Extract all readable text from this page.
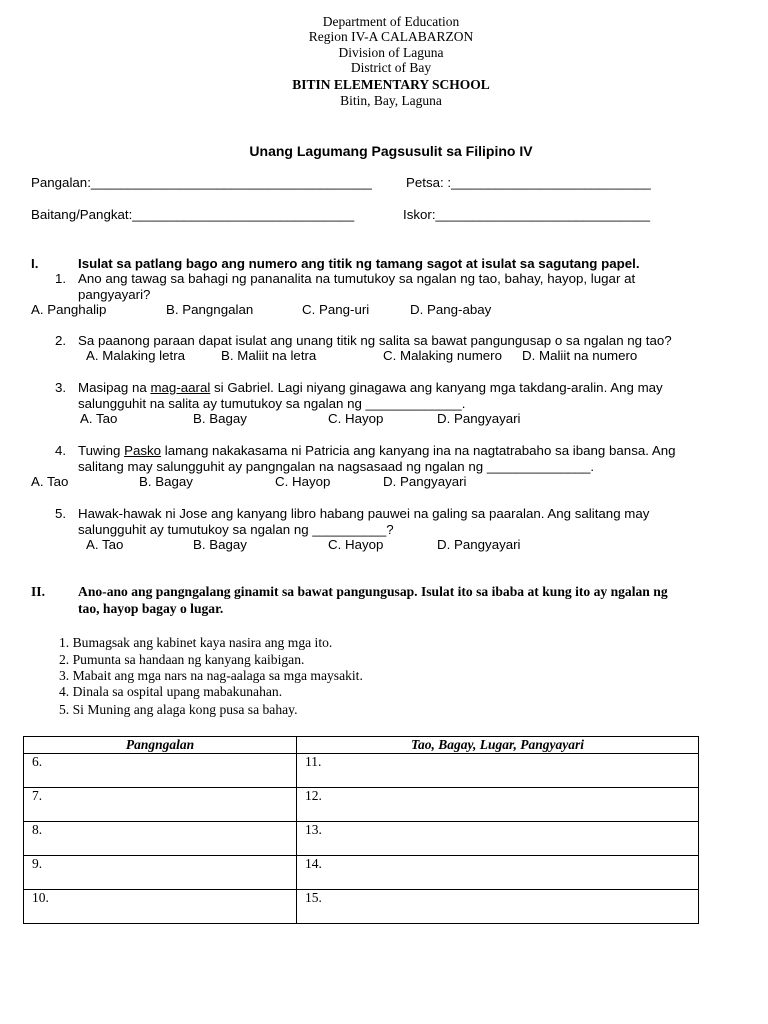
Department of Education
Region IV-A CALABARZON
Division of Laguna
District of Bay
BITIN ELEMENTARY SCHOOL
Bitin, Bay, Laguna
Unang Lagumang Pagsusulit sa Filipino IV
Pangalan:______________________________________	Petsa: :___________________________
Baitang/Pangkat:______________________________	Iskor:_____________________________
I.	Isulat sa patlang bago ang numero ang titik ng tamang sagot at isulat sa sagutang papel.
1. Ano ang tawag sa bahagi ng pananalita na tumutukoy sa ngalan ng tao, bahay, hayop, lugar at
pangyayari?
A. Panghalip	B. Pangngalan	C. Pang-uri	D. Pang-abay
2. Sa paanong paraan dapat isulat ang unang titik ng salita sa bawat pangungusap o sa ngalan ng tao?
A. Malaking letra	B. Maliit na letra	C. Malaking numero D. Maliit na numero
3. Masipag na mag-aaral si Gabriel. Lagi niyang ginagawa ang kanyang mga takdang-aralin. Ang may
salungguhit na salita ay tumutukoy sa ngalan ng _____________.
A. Tao	B. Bagay	C. Hayop	D. Pangyayari
4. Tuwing Pasko lamang nakakasama ni Patricia ang kanyang ina na nagtatrabaho sa ibang bansa. Ang
salitang may salungguhit ay pangngalan na nagsasaad ng ngalan ng ______________.
A. Tao	B. Bagay	C. Hayop	D. Pangyayari
5. Hawak-hawak ni Jose ang kanyang libro habang pauwei na galing sa paaralan. Ang salitang may
salungguhit ay tumutukoy sa ngalan ng __________?
A. Tao	B. Bagay	C. Hayop	D. Pangyayari
II. Ano-ano ang pangngalang ginamit sa bawat pangungusap. Isulat ito sa ibaba at kung ito ay ngalan ng
tao, hayop bagay o lugar.
1. Bumagsak ang kabinet kaya nasira ang mga ito.
2. Pumunta sa handaan ng kanyang kaibigan.
3. Mabait ang mga nars na nag-aalaga sa mga maysakit.
4. Dinala sa ospital upang mabakunahan.
5. Si Muning ang alaga kong pusa sa bahay.
Pangngalan	Tao, Bagay, Lugar, Pangyayari
6.	11.
7.	12.
8.	13.
9.	14.
10.	15.
